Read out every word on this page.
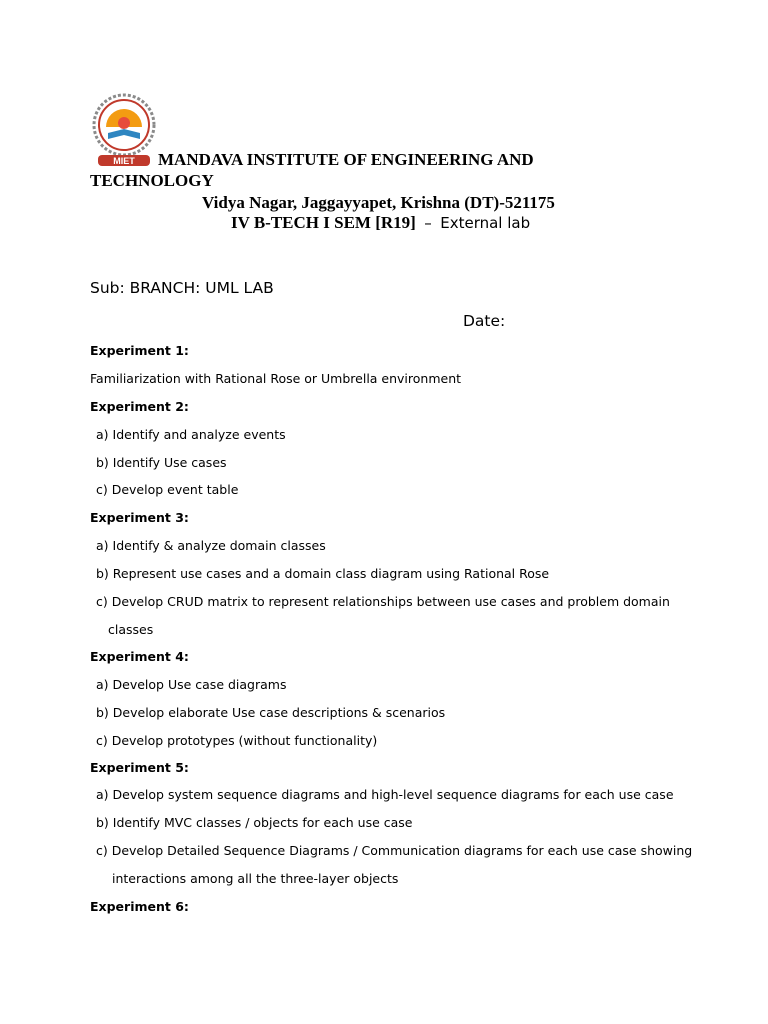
MIET MANDAVA INSTITUTE OF ENGINEERING AND
TECHNOLOGY
Vidya Nagar, Jaggayyapet, Krishna (DT)-521175
IV B-TECH I SEM [R19] – External lab
Sub: BRANCH: UML LAB
Date:
Experiment 1:
Familiarization with Rational Rose or Umbrella environment
Experiment 2:
a) Identify and analyze events
b) Identify Use cases
c) Develop event table
Experiment 3:
a) Identify & analyze domain classes
b) Represent use cases and a domain class diagram using Rational Rose
c) Develop CRUD matrix to represent relationships between use cases and problem domain
classes
Experiment 4:
a) Develop Use case diagrams
b) Develop elaborate Use case descriptions & scenarios
c) Develop prototypes (without functionality)
Experiment 5:
a) Develop system sequence diagrams and high-level sequence diagrams for each use case
b) Identify MVC classes / objects for each use case
c) Develop Detailed Sequence Diagrams / Communication diagrams for each use case showing
interactions among all the three-layer objects
Experiment 6:
